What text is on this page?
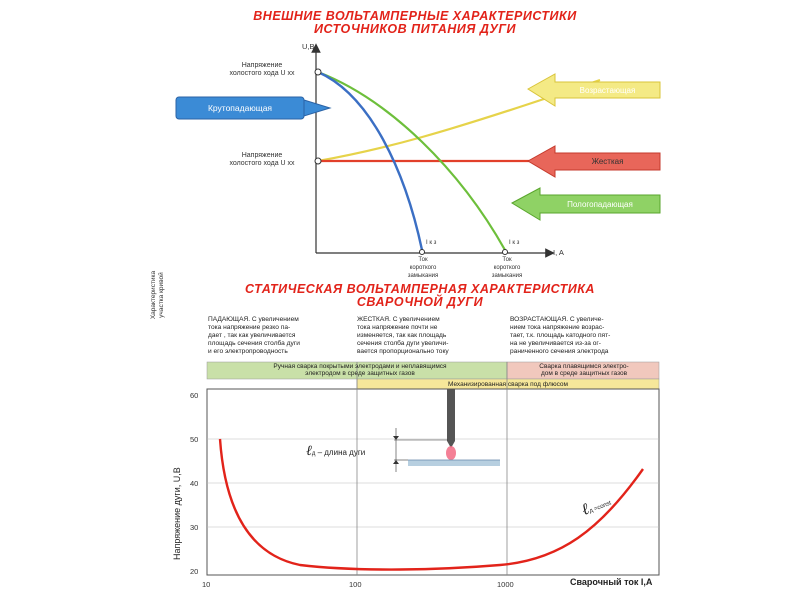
ВНЕШНИЕ ВОЛЬТАМПЕРНЫЕ ХАРАКТЕРИСТИКИ
ИСТОЧНИКОВ ПИТАНИЯ ДУГИ
U,B
I, A
Напряжение
холостого хода U хх
Напряжение
холостого хода U хх
I к з	I к з
Ток
короткого
замыкания
Ток
короткого
замыкания
Крутопадающая
Возрастающая
Жесткая
Пологопадающая
СТАТИЧЕСКАЯ ВОЛЬТАМПЕРНАЯ ХАРАКТЕРИСТИКА
СВАРОЧНОЙ ДУГИ
Характеристика участка кривой
ПАДАЮЩАЯ. С увеличением
тока напряжение резко па-
дает , так как увеличивается
площадь сечения столба дуги
и его электропроводность
ЖЕСТКАЯ. С увеличением
тока напряжение почти не
изменяется, так как площадь
сечения столба дуги увеличи-
вается пропорционально току
ВОЗРАСТАЮЩАЯ. С увеличе-
нием тока напряжение возрас-
тает, т.к. площадь катодного пят-
на не увеличивается из-за ог-
раниченного сечения электрода
Ручная сварка покрытыми электродами и неплавящимся
электродом в среде защитных газов
Сварка плавящимся электро-
дом в среде защитных газов
Механизированная сварка под флюсом
ℓд – длина дуги
ℓд =const
60
50
40
30
20
10	100	1000
Напряжение дуги, U,B
Сварочный ток I,А
